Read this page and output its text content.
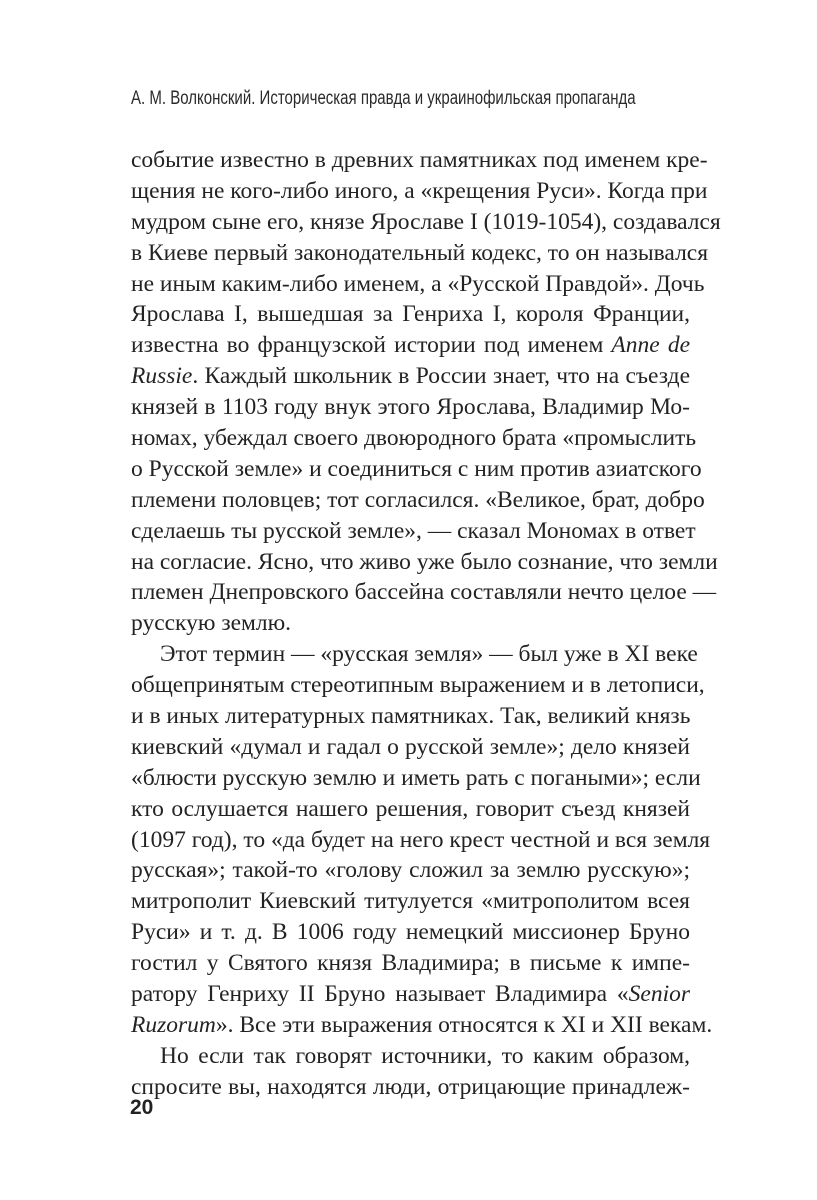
А. М. Волконский. Историческая правда и украинофильская пропаганда
событие известно в древних памятниках под именем кре-
щения не кого-либо иного, а «крещения Руси». Когда при
мудром сыне его, князе Ярославе I (1019-1054), создавался
в Киеве первый законодательный кодекс, то он назывался
не иным каким-либо именем, а «Русской Правдой». Дочь
Ярослава I, вышедшая за Генриха I, короля Франции,
известна во французской истории под именем Anne de
Russie. Каждый школьник в России знает, что на съезде
князей в 1103 году внук этого Ярослава, Владимир Мо-
номах, убеждал своего двоюродного брата «промыслить
о Русской земле» и соединиться с ним против азиатского
племени половцев; тот согласился. «Великое, брат, добро
сделаешь ты русской земле», — сказал Мономах в ответ
на согласие. Ясно, что живо уже было сознание, что земли
племен Днепровского бассейна составляли нечто целое —
русскую землю.
Этот термин — «русская земля» — был уже в XI веке
общепринятым стереотипным выражением и в летописи,
и в иных литературных памятниках. Так, великий князь
киевский «думал и гадал о русской земле»; дело князей
«блюсти русскую землю и иметь рать с погаными»; если
кто ослушается нашего решения, говорит съезд князей
(1097 год), то «да будет на него крест честной и вся земля
русская»; такой-то «голову сложил за землю русскую»;
митрополит Киевский титулуется «митрополитом всея
Руси» и т. д. В 1006 году немецкий миссионер Бруно
гостил у Святого князя Владимира; в письме к импе-
ратору Генриху II Бруно называет Владимира «Senior
Ruzorum». Все эти выражения относятся к XI и XII векам.
Но если так говорят источники, то каким образом,
спросите вы, находятся люди, отрицающие принадлеж-
20
